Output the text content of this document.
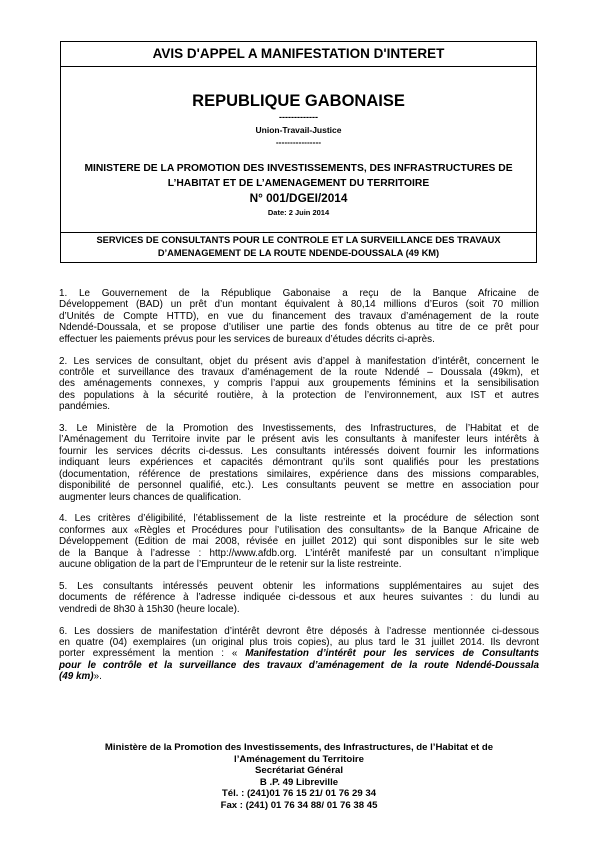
AVIS D'APPEL A MANIFESTATION D'INTERET
REPUBLIQUE GABONAISE
-------------
Union-Travail-Justice
----------------
MINISTERE DE LA PROMOTION DES INVESTISSEMENTS, DES INFRASTRUCTURES DE
L’HABITAT ET DE L’AMENAGEMENT DU TERRITOIRE
N° 001/DGEI/2014
Date: 2 Juin 2014
SERVICES DE CONSULTANTS POUR LE CONTROLE ET LA SURVEILLANCE DES TRAVAUX
D’AMENAGEMENT DE LA ROUTE NDENDE-DOUSSALA (49 KM)
1. Le Gouvernement de la République Gabonaise a reçu de la Banque Africaine de
Développement (BAD) un prêt d’un montant équivalent à 80,14 millions d’Euros (soit 70 million
d’Unités de Compte HTTD), en vue du financement des travaux d’aménagement de la route
Ndendé-Doussala, et se propose d’utiliser une partie des fonds obtenus au titre de ce prêt pour
effectuer les paiements prévus pour les services de bureaux d’études décrits ci-après.
2. Les services de consultant, objet du présent avis d’appel à manifestation d’intérêt, concernent le
contrôle et surveillance des travaux d’aménagement de la route Ndendé – Doussala (49km), et
des aménagements connexes, y compris l’appui aux groupements féminins et la sensibilisation
des populations à la sécurité routière, à la protection de l’environnement, aux IST et autres
pandémies.
3. Le Ministère de la Promotion des Investissements, des Infrastructures, de l’Habitat et de
l’Aménagement du Territoire invite par le présent avis les consultants à manifester leurs intérêts à
fournir les services décrits ci-dessus. Les consultants intéressés doivent fournir les informations
indiquant leurs expériences et capacités démontrant qu’ils sont qualifiés pour les prestations
(documentation, référence de prestations similaires, expérience dans des missions comparables,
disponibilité de personnel qualifié, etc.). Les consultants peuvent se mettre en association pour
augmenter leurs chances de qualification.
4. Les critères d’éligibilité, l’établissement de la liste restreinte et la procédure de sélection sont
conformes aux «Règles et Procédures pour l’utilisation des consultants» de la Banque Africaine de
Développement (Edition de mai 2008, révisée en juillet 2012) qui sont disponibles sur le site web
de la Banque à l’adresse : http://www.afdb.org. L’intérêt manifesté par un consultant n’implique
aucune obligation de la part de l’Emprunteur de le retenir sur la liste restreinte.
5. Les consultants intéressés peuvent obtenir les informations supplémentaires au sujet des
documents de référence à l’adresse indiquée ci-dessous et aux heures suivantes : du lundi au
vendredi de 8h30 à 15h30 (heure locale).
6. Les dossiers de manifestation d’intérêt devront être déposés à l’adresse mentionnée ci-dessous
en quatre (04) exemplaires (un original plus trois copies), au plus tard le 31 juillet 2014. Ils devront
porter expressément la mention : « Manifestation d’intérêt pour les services de Consultants
pour le contrôle et la surveillance des travaux d’aménagement de la route Ndendé-Doussala
(49 km)».
Ministère de la Promotion des Investissements, des Infrastructures, de l’Habitat et de
l’Aménagement du Territoire
Secrétariat Général
B .P. 49 Libreville
Tél. : (241)01 76 15 21/ 01 76 29 34
Fax : (241) 01 76 34 88/ 01 76 38 45
